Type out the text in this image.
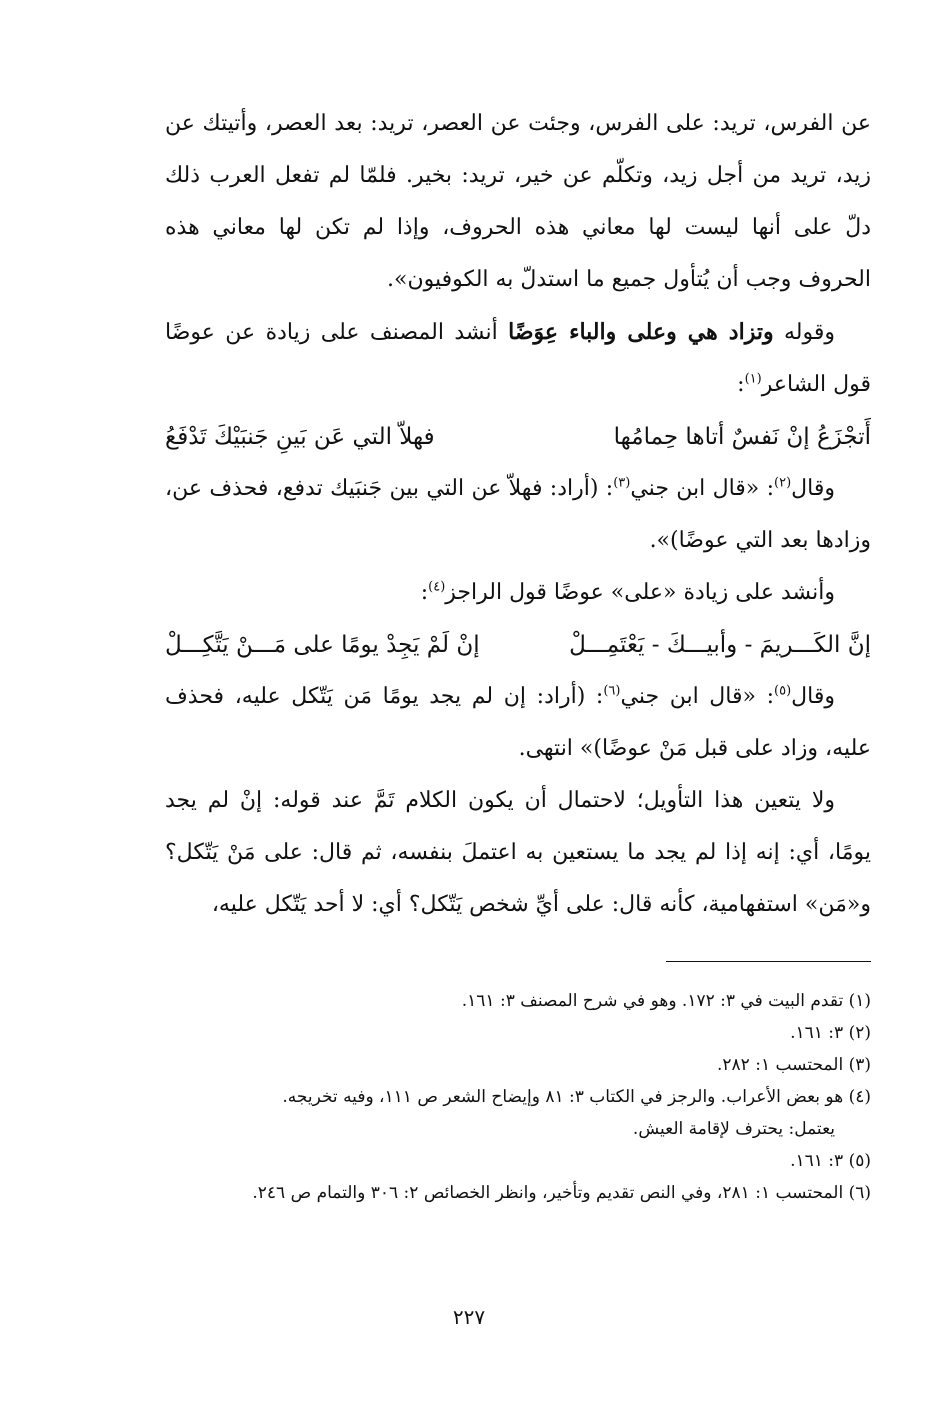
عن الفرس، تريد: على الفرس، وجئت عن العصر، تريد: بعد العصر، وأتيتك عن زيد، تريد من أجل زيد، وتكلّم عن خير، تريد: بخير. فلمّا لم تفعل العرب ذلك دلّ على أنها ليست لها معاني هذه الحروف، وإذا لم تكن لها معاني هذه الحروف وجب أن يُتأول جميع ما استدلّ به الكوفيون».

وقوله وتزاد هي وعلى والباء عِوَضًا أنشد المصنف على زيادة عن عوضًا قول الشاعر$^{(١)}$:

أَتجْزَعُ إنْ نَفسٌ أتاها حِمامُها
فهلاّ التي عَن بَينِ جَنبَيْكَ تَدْفَعُ

وقال$^{(٢)}$: «قال ابن جني$^{(٣)}$: (أراد: فهلاّ عن التي بين جَنبَيك تدفع، فحذف عن، وزادها بعد التي عوضًا)».

وأنشد على زيادة «على» عوضًا قول الراجز$^{(٤)}$:

إنَّ الكَـــريمَ - وأبيـــكَ - يَعْتَمِـــلْ
إنْ لَمْ يَجِدْ يومًا على مَـــنْ يَتَّكِـــلْ

وقال$^{(٥)}$: «قال ابن جني$^{(٦)}$: (أراد: إن لم يجد يومًا مَن يَتّكل عليه، فحذف عليه، وزاد على قبل مَنْ عوضًا)» انتهى.

ولا يتعين هذا التأويل؛ لاحتمال أن يكون الكلام تَمَّ عند قوله: إنْ لم يجد يومًا، أي: إنه إذا لم يجد ما يستعين به اعتملَ بنفسه، ثم قال: على مَنْ يَتّكل؟ و«مَن» استفهامية، كأنه قال: على أيِّ شخص يَتّكل؟ أي: لا أحد يَتّكل عليه،

(١) تقدم البيت في ٣: ١٧٢. وهو في شرح المصنف ٣: ١٦١.

(٢) ٣: ١٦١.

(٣) المحتسب ١: ٢٨٢.

(٤) هو بعض الأعراب. والرجز في الكتاب ٣: ٨١ وإيضاح الشعر ص ١١١، وفيه تخريجه.

يعتمل: يحترف لإقامة العيش.

(٥) ٣: ١٦١.

(٦) المحتسب ١: ٢٨١، وفي النص تقديم وتأخير، وانظر الخصائص ٢: ٣٠٦ والتمام ص ٢٤٦.

٢٢٧
